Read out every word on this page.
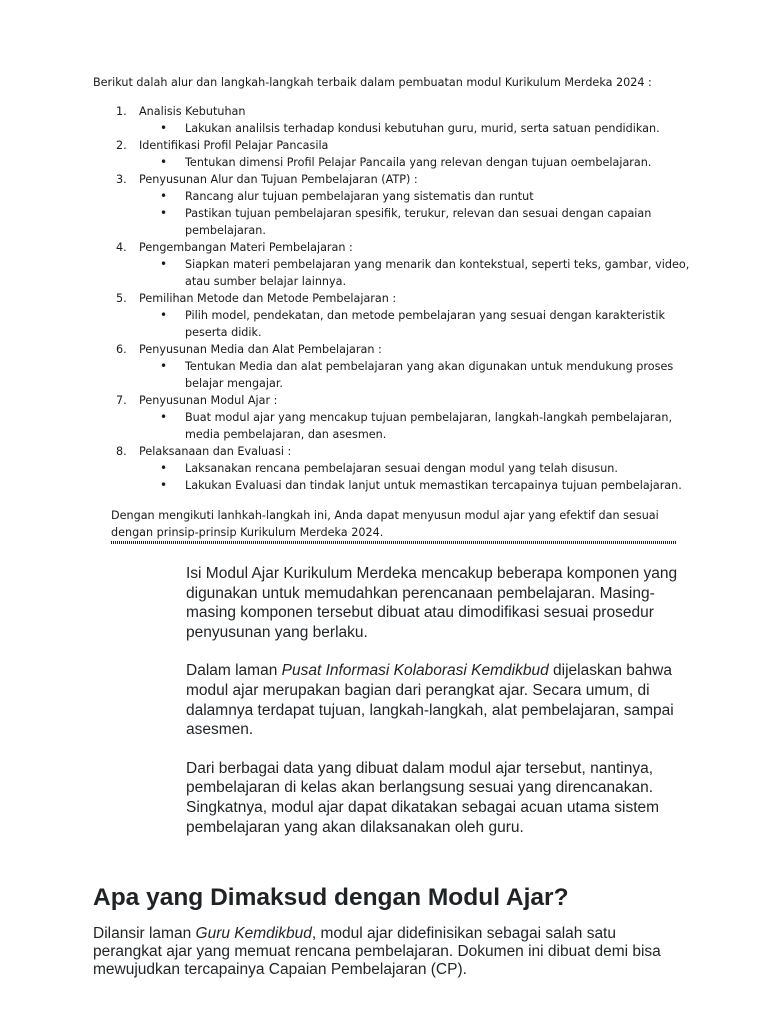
Berikut dalah alur dan langkah-langkah terbaik dalam pembuatan modul Kurikulum Merdeka 2024 :

1. Analisis Kebutuhan
• Lakukan analilsis terhadap kondusi kebutuhan guru, murid, serta satuan pendidikan.
2. Identifikasi Profil Pelajar Pancasila
• Tentukan dimensi Profil Pelajar Pancaila yang relevan dengan tujuan oembelajaran.
3. Penyusunan Alur dan Tujuan Pembelajaran (ATP) :
• Rancang alur tujuan pembelajaran yang sistematis dan runtut
• Pastikan tujuan pembelajaran spesifik, terukur, relevan dan sesuai dengan capaian pembelajaran.
4. Pengembangan Materi Pembelajaran :
• Siapkan materi pembelajaran yang menarik dan kontekstual, seperti teks, gambar, video, atau sumber belajar lainnya.
5. Pemilihan Metode dan Metode Pembelajaran :
• Pilih model, pendekatan, dan metode pembelajaran yang sesuai dengan karakteristik peserta didik.
6. Penyusunan Media dan Alat Pembelajaran :
• Tentukan Media dan alat pembelajaran yang akan digunakan untuk mendukung proses belajar mengajar.
7. Penyusunan Modul Ajar :
• Buat modul ajar yang mencakup tujuan pembelajaran, langkah-langkah pembelajaran, media pembelajaran, dan asesmen.
8. Pelaksanaan dan Evaluasi :
• Laksanakan rencana pembelajaran sesuai dengan modul yang telah disusun.
• Lakukan Evaluasi dan tindak lanjut untuk memastikan tercapainya tujuan pembelajaran.

Dengan mengikuti lanhkah-langkah ini, Anda dapat menyusun modul ajar yang efektif dan sesuai dengan prinsip-prinsip Kurikulum Merdeka 2024.

Isi Modul Ajar Kurikulum Merdeka mencakup beberapa komponen yang digunakan untuk memudahkan perencanaan pembelajaran. Masing-masing komponen tersebut dibuat atau dimodifikasi sesuai prosedur penyusunan yang berlaku.

Dalam laman Pusat Informasi Kolaborasi Kemdikbud dijelaskan bahwa modul ajar merupakan bagian dari perangkat ajar. Secara umum, di dalamnya terdapat tujuan, langkah-langkah, alat pembelajaran, sampai asesmen.

Dari berbagai data yang dibuat dalam modul ajar tersebut, nantinya, pembelajaran di kelas akan berlangsung sesuai yang direncanakan. Singkatnya, modul ajar dapat dikatakan sebagai acuan utama sistem pembelajaran yang akan dilaksanakan oleh guru.

Apa yang Dimaksud dengan Modul Ajar?

Dilansir laman Guru Kemdikbud, modul ajar didefinisikan sebagai salah satu perangkat ajar yang memuat rencana pembelajaran. Dokumen ini dibuat demi bisa mewujudkan tercapainya Capaian Pembelajaran (CP).
